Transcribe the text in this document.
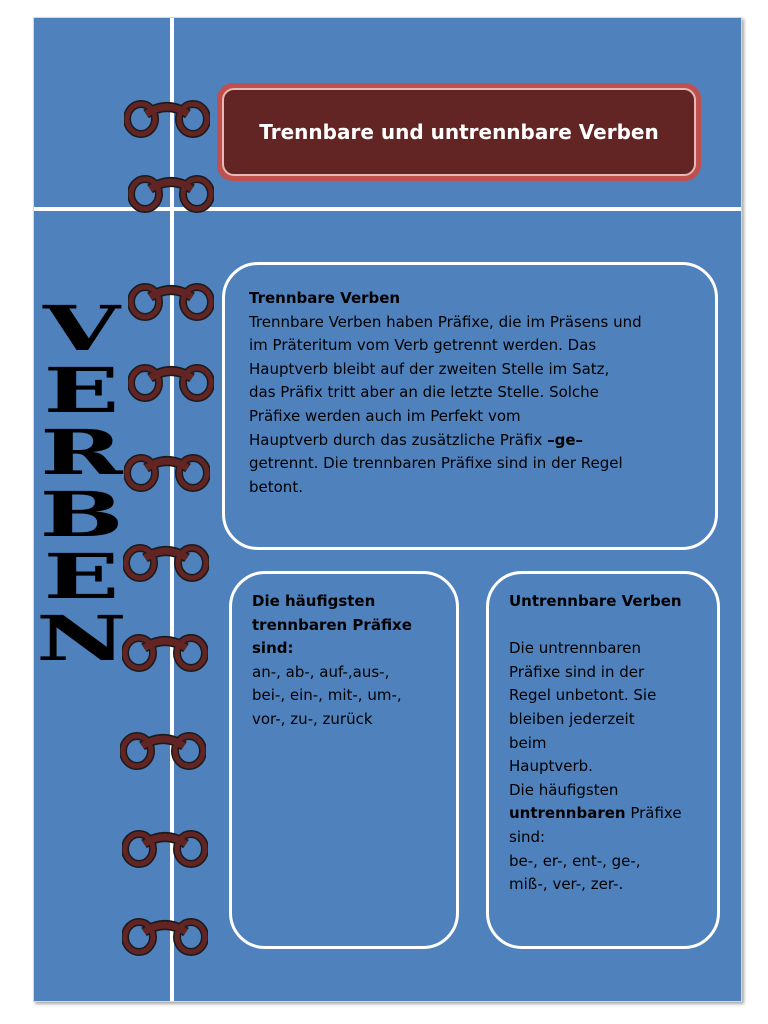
Trennbare und untrennbare Verben
V
E
R
B
E
N
Trennbare Verben
Trennbare Verben haben Präfixe, die im Präsens und
im Präteritum vom Verb getrennt werden. Das
Hauptverb bleibt auf der zweiten Stelle im Satz,
das Präfix tritt aber an die letzte Stelle. Solche
Präfixe werden auch im Perfekt vom
Hauptverb durch das zusätzliche Präfix –ge–
getrennt. Die trennbaren Präfixe sind in der Regel
betont.
Die häufigsten
trennbaren Präfixe
sind:
an-, ab-, auf-,aus-,
bei-, ein-, mit-, um-,
vor-, zu-, zurück
Untrennbare Verben
Die untrennbaren
Präfixe sind in der
Regel unbetont. Sie
bleiben jederzeit
beim
Hauptverb.
Die häufigsten
untrennbaren Präfixe
sind:
be-, er-, ent-, ge-,
miß-, ver-, zer-.
